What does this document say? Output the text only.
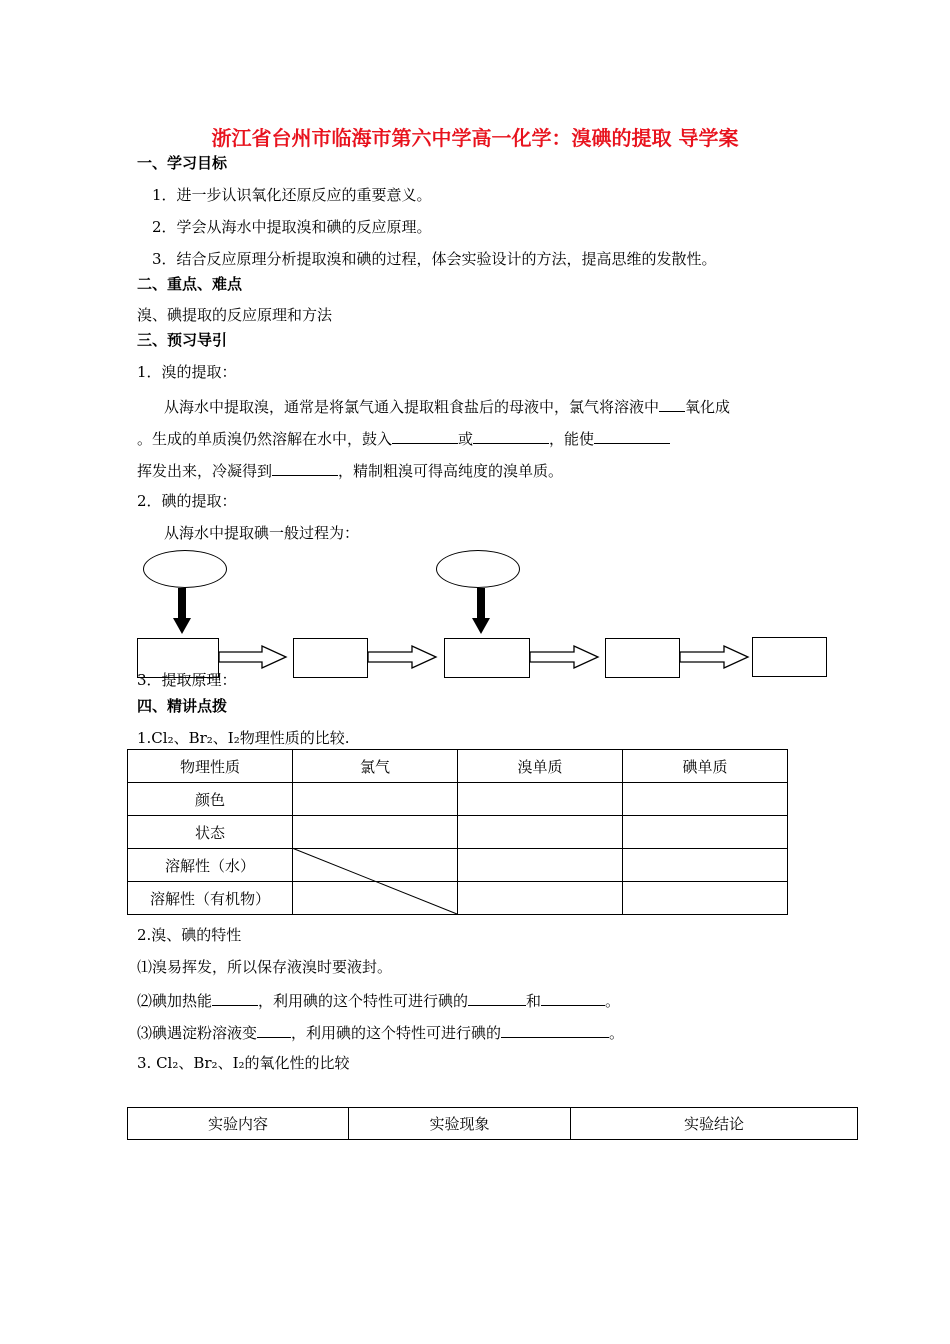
浙江省台州市临海市第六中学高一化学：溴碘的提取 导学案
一、学习目标
1．进一步认识氧化还原反应的重要意义。
2．学会从海水中提取溴和碘的反应原理。
3．结合反应原理分析提取溴和碘的过程，体会实验设计的方法，提高思维的发散性。
二、重点、难点
溴、碘提取的反应原理和方法
三、预习导引
1．溴的提取：
从海水中提取溴，通常是将氯气通入提取粗食盐后的母液中，氯气将溶液中 氧化成
。生成的单质溴仍然溶解在水中，鼓入	或	，能使
挥发出来，冷凝得到	，精制粗溴可得高纯度的溴单质。
2．碘的提取：
从海水中提取碘一般过程为：
3．提取原理：
四、精讲点拨
1.Cl₂、Br₂、I₂物理性质的比较.
物理性质	氯气	溴单质	碘单质
颜色			
状态			
溶解性（水）			
溶解性（有机物）			
2.溴、碘的特性
⑴溴易挥发，所以保存液溴时要液封。
⑵碘加热能	，利用碘的这个特性可进行碘的	和	。
⑶碘遇淀粉溶液变 ，利用碘的这个特性可进行碘的	。
3. Cl₂、Br₂、I₂的氧化性的比较
实验内容	实验现象	实验结论
